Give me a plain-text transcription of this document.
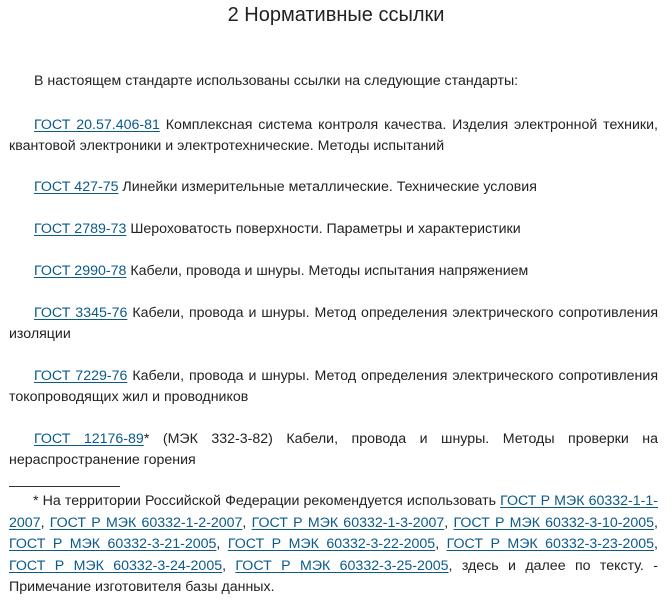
2 Нормативные ссылки
В настоящем стандарте использованы ссылки на следующие стандарты:
ГОСТ 20.57.406-81 Комплексная система контроля качества. Изделия электронной техники, квантовой электроники и электротехнические. Методы испытаний
ГОСТ 427-75 Линейки измерительные металлические. Технические условия
ГОСТ 2789-73 Шероховатость поверхности. Параметры и характеристики
ГОСТ 2990-78 Кабели, провода и шнуры. Методы испытания напряжением
ГОСТ 3345-76 Кабели, провода и шнуры. Метод определения электрического сопротивления изоляции
ГОСТ 7229-76 Кабели, провода и шнуры. Метод определения электрического сопротивления токопроводящих жил и проводников
ГОСТ 12176-89* (МЭК 332-3-82) Кабели, провода и шнуры. Методы проверки на нераспространение горения
* На территории Российской Федерации рекомендуется использовать ГОСТ Р МЭК 60332-1-1-2007, ГОСТ Р МЭК 60332-1-2-2007, ГОСТ Р МЭК 60332-1-3-2007, ГОСТ Р МЭК 60332-3-10-2005, ГОСТ Р МЭК 60332-3-21-2005, ГОСТ Р МЭК 60332-3-22-2005, ГОСТ Р МЭК 60332-3-23-2005, ГОСТ Р МЭК 60332-3-24-2005, ГОСТ Р МЭК 60332-3-25-2005, здесь и далее по тексту. - Примечание изготовителя базы данных.
